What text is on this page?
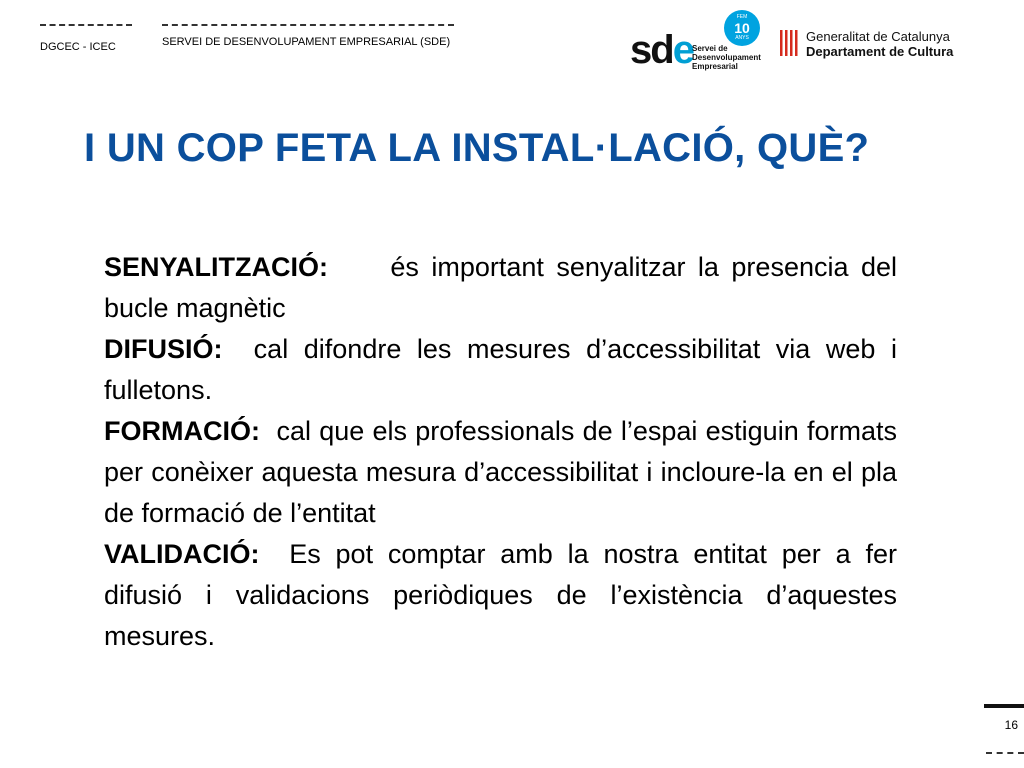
DGCEC - ICEC	SERVEI DE DESENVOLUPAMENT EMPRESARIAL (SDE)	sde
FEM
10
ANYS
Servei de
Desenvolupament
Empresarial
Generalitat de Catalunya
Departament de Cultura
I UN COP FETA LA INSTAL·LACIÓ, QUÈ?

SENYALITZACIÓ: és important senyalitzar la presencia del bucle magnètic

DIFUSIÓ: cal difondre les mesures d’accessibilitat via web i fulletons.

FORMACIÓ: cal que els professionals de l’espai estiguin formats per conèixer aquesta mesura d’accessibilitat i incloure-la en el pla de formació de l’entitat

VALIDACIÓ: Es pot comptar amb la nostra entitat per a fer difusió i validacions periòdiques de l’existència d’aquestes mesures.

16
